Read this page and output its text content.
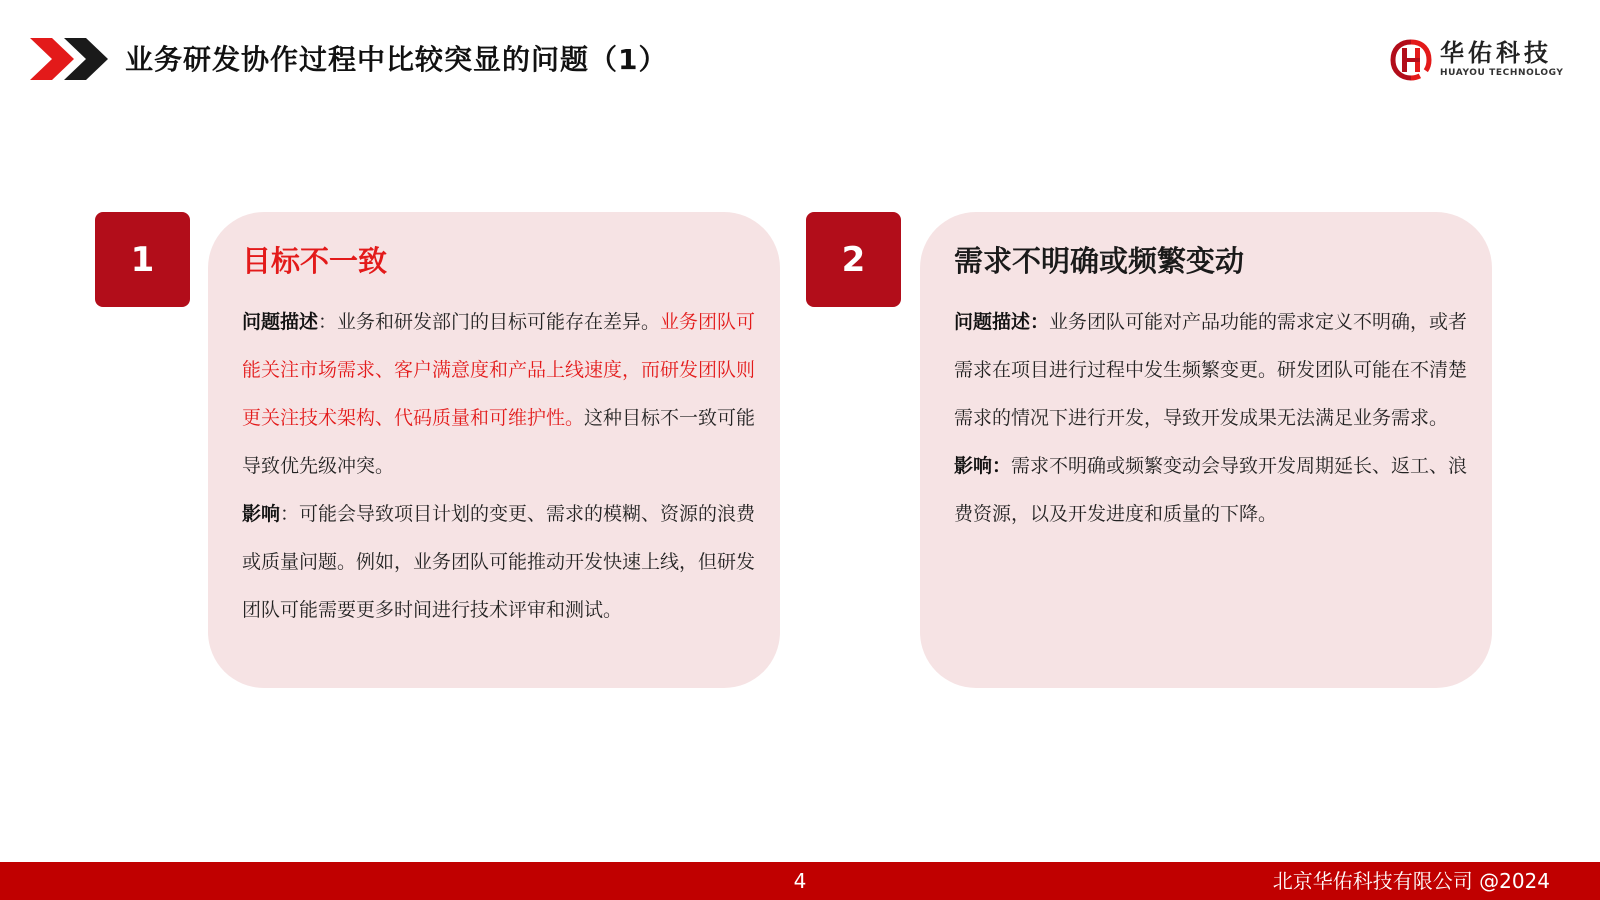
业务研发协作过程中比较突显的问题（1）	华佑科技
HUAYOU TECHNOLOGY
1	目标不一致

问题描述：业务和研发部门的目标可能存在差异。业务团队可能关注市场需求、客户满意度和产品上线速度，而研发团队则更关注技术架构、代码质量和可维护性。这种目标不一致可能导致优先级冲突。

影响：可能会导致项目计划的变更、需求的模糊、资源的浪费或质量问题。例如，业务团队可能推动开发快速上线，但研发团队可能需要更多时间进行技术评审和测试。

2	需求不明确或频繁变动

问题描述：业务团队可能对产品功能的需求定义不明确，或者需求在项目进行过程中发生频繁变更。研发团队可能在不清楚需求的情况下进行开发，导致开发成果无法满足业务需求。

影响：需求不明确或频繁变动会导致开发周期延长、返工、浪费资源，以及开发进度和质量的下降。

4	北京华佑科技有限公司 @2024
